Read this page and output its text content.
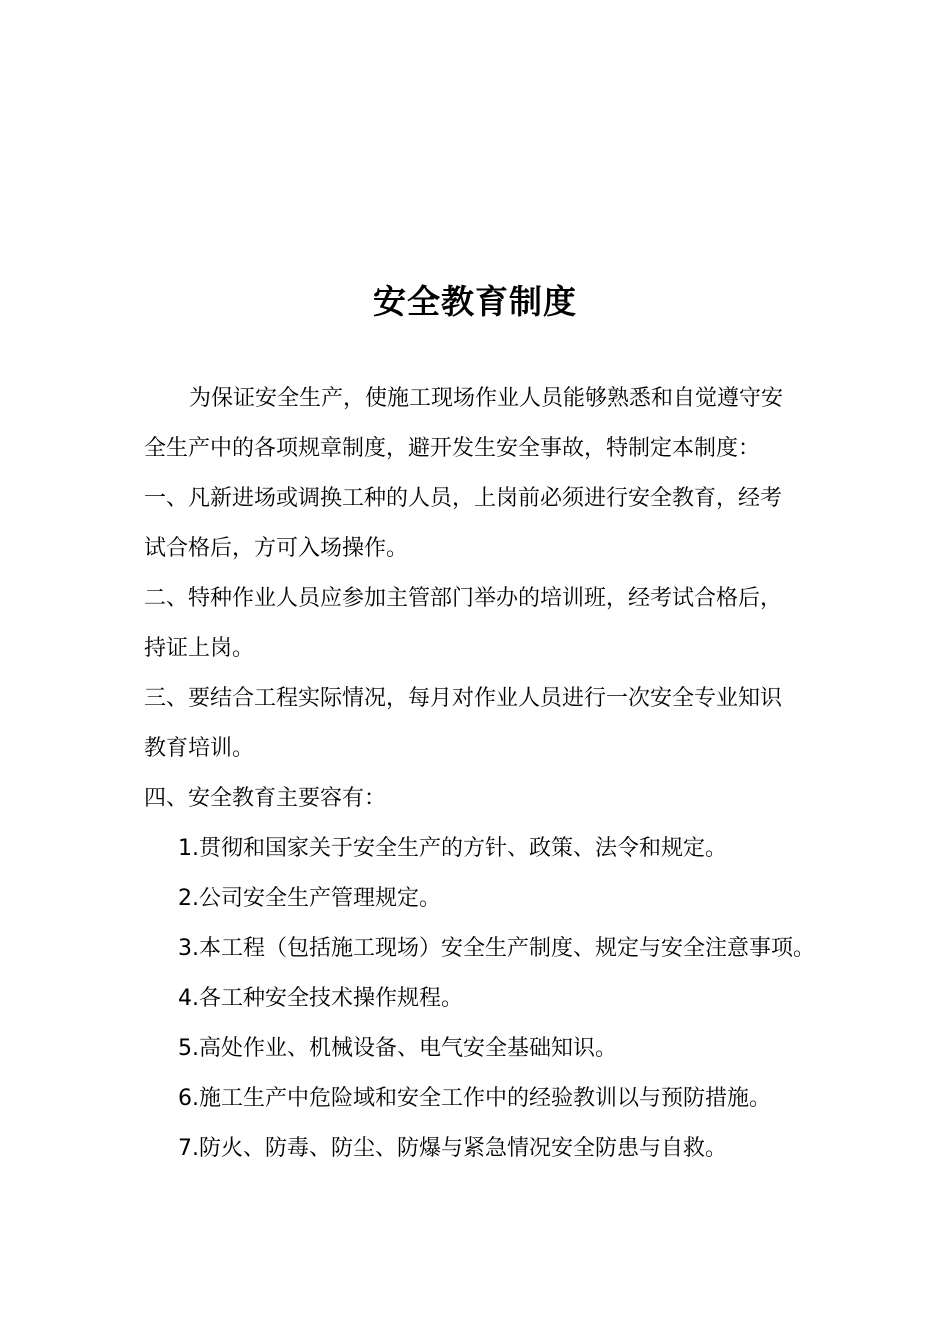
安全教育制度
为保证安全生产，使施工现场作业人员能够熟悉和自觉遵守安
全生产中的各项规章制度，避开发生安全事故，特制定本制度：
一、凡新进场或调换工种的人员，上岗前必须进行安全教育，经考
试合格后，方可入场操作。
二、特种作业人员应参加主管部门举办的培训班，经考试合格后，
持证上岗。
三、要结合工程实际情况，每月对作业人员进行一次安全专业知识
教育培训。
四、安全教育主要容有：
1.贯彻和国家关于安全生产的方针、政策、法令和规定。
2.公司安全生产管理规定。
3.本工程（包括施工现场）安全生产制度、规定与安全注意事项。
4.各工种安全技术操作规程。
5.高处作业、机械设备、电气安全基础知识。
6.施工生产中危险域和安全工作中的经验教训以与预防措施。
7.防火、防毒、防尘、防爆与紧急情况安全防患与自救。
